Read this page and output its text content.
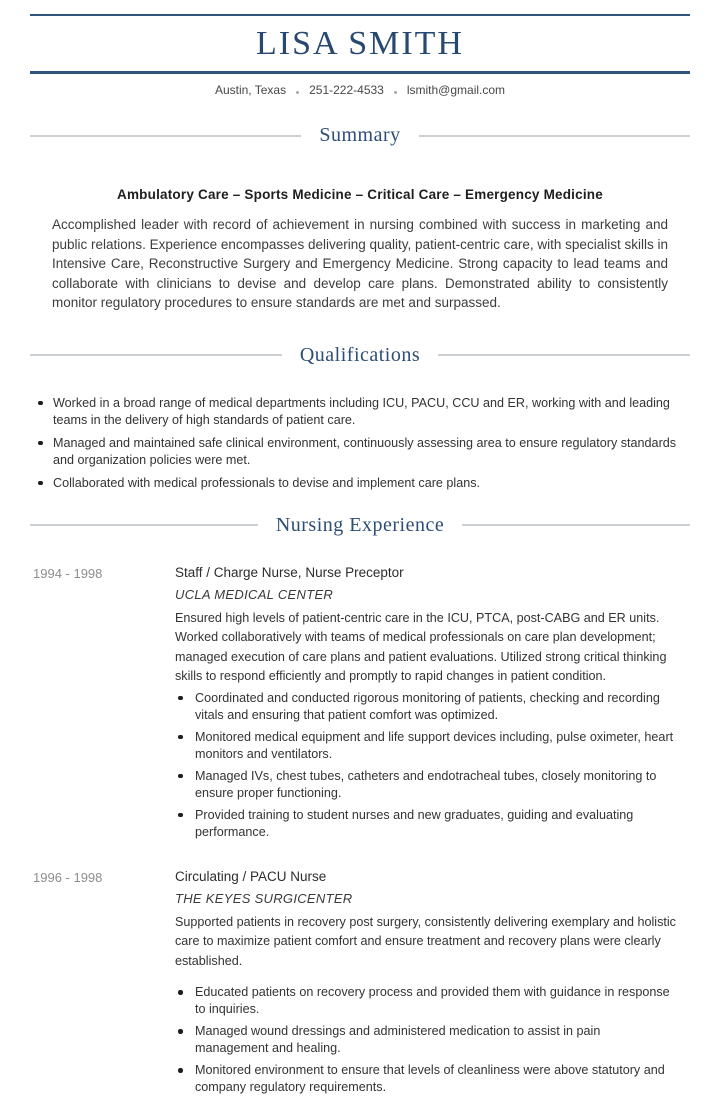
LISA SMITH
Austin, Texas 251-222-4533 lsmith@gmail.com
Summary
Ambulatory Care – Sports Medicine – Critical Care – Emergency Medicine

Accomplished leader with record of achievement in nursing combined with success in marketing and public relations. Experience encompasses delivering quality, patient-centric care, with specialist skills in Intensive Care, Reconstructive Surgery and Emergency Medicine. Strong capacity to lead teams and collaborate with clinicians to devise and develop care plans. Demonstrated ability to consistently monitor regulatory procedures to ensure standards are met and surpassed.

Qualifications
Worked in a broad range of medical departments including ICU, PACU, CCU and ER, working with and leading teams in the delivery of high standards of patient care.
Managed and maintained safe clinical environment, continuously assessing area to ensure regulatory standards and organization policies were met.
Collaborated with medical professionals to devise and implement care plans.
Nursing Experience
1994 - 1998	Staff / Charge Nurse, Nurse Preceptor
UCLA MEDICAL CENTER
Ensured high levels of patient-centric care in the ICU, PTCA, post-CABG and ER units. Worked collaboratively with teams of medical professionals on care plan development; managed execution of care plans and patient evaluations. Utilized strong critical thinking skills to respond efficiently and promptly to rapid changes in patient condition.
Coordinated and conducted rigorous monitoring of patients, checking and recording vitals and ensuring that patient comfort was optimized.
Monitored medical equipment and life support devices including, pulse oximeter, heart monitors and ventilators.
Managed IVs, chest tubes, catheters and endotracheal tubes, closely monitoring to ensure proper functioning.
Provided training to student nurses and new graduates, guiding and evaluating performance.
1996 - 1998	Circulating / PACU Nurse
THE KEYES SURGICENTER
Supported patients in recovery post surgery, consistently delivering exemplary and holistic care to maximize patient comfort and ensure treatment and recovery plans were clearly established.
Educated patients on recovery process and provided them with guidance in response to inquiries.
Managed wound dressings and administered medication to assist in pain management and healing.
Monitored environment to ensure that levels of cleanliness were above statutory and company regulatory requirements.
